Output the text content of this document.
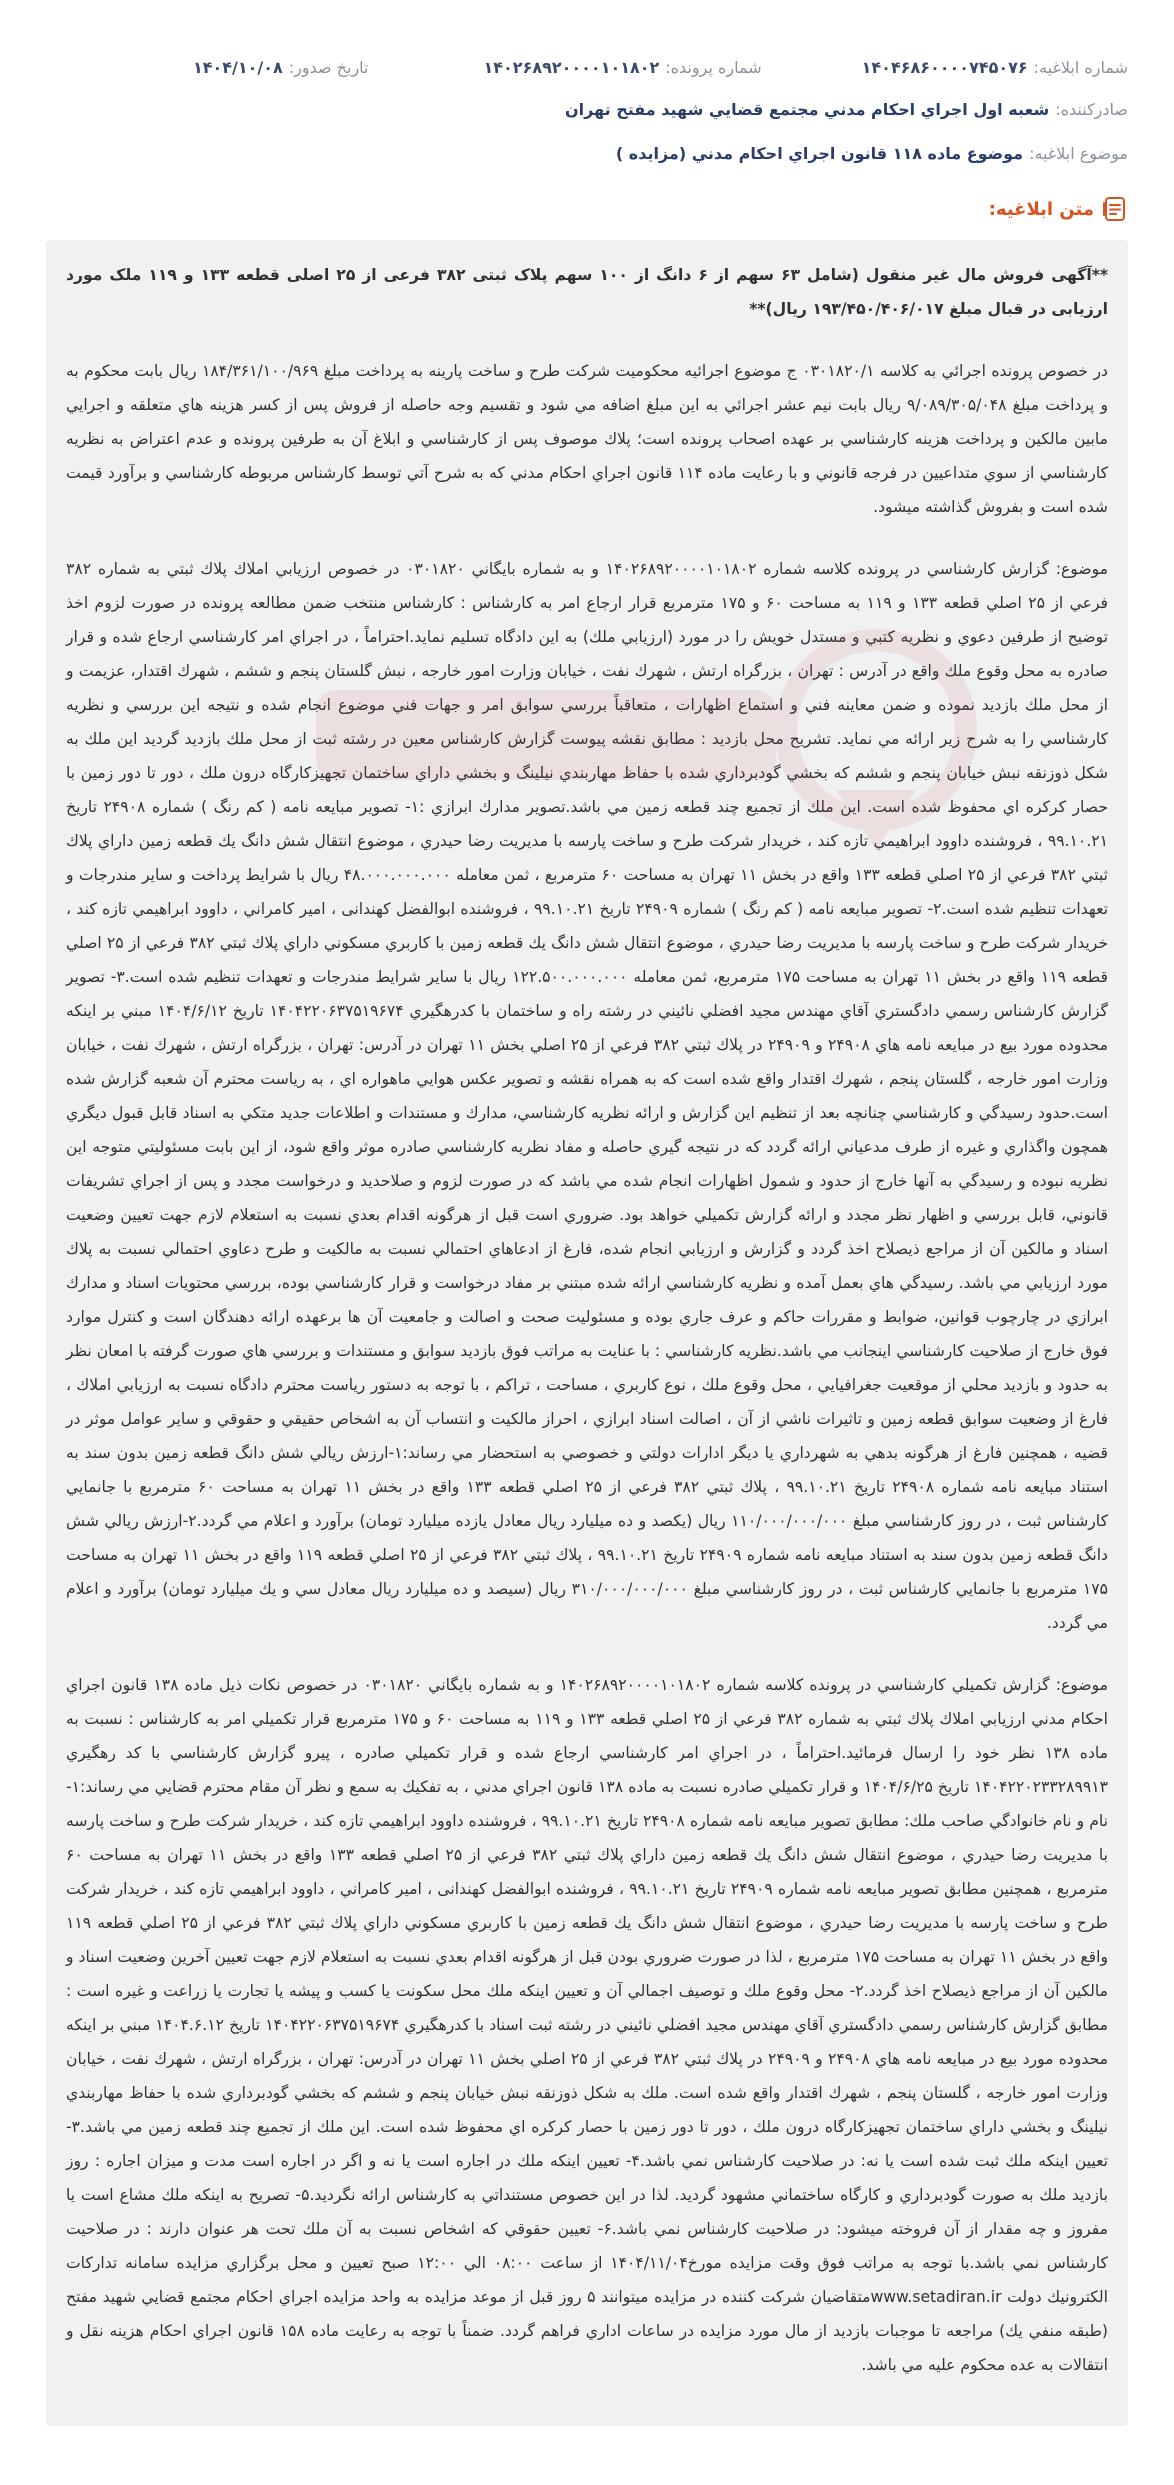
شماره ابلاغیه:
۱۴۰۴۶۸۶۰۰۰۰۷۴۵۰۷۶
شماره پرونده:
۱۴۰۲۶۸۹۲۰۰۰۰۱۰۱۸۰۲
تاریخ صدور:
۱۴۰۴/۱۰/۰۸
صادرکننده:
شعبه اول اجراي احكام مدني مجتمع قضايي شهيد مفتح تهران
موضوع ابلاغیه:
موضوع ماده ۱۱۸ قانون اجراي احكام مدني (مزايده )
متن ابلاغیه:

**آگهی فروش مال غیر منقول (شامل ۶۳ سهم از ۶ دانگ از ۱۰۰ سهم پلاک ثبتی ۳۸۲ فرعی از ۲۵ اصلی قطعه ۱۳۳ و ۱۱۹ ملک مورد ارزیابی در قبال مبلغ ۱۹۳/۴۵۰/۴۰۶/۰۱۷ ریال)**

در خصوص پرونده اجرائي به كلاسه ۰۳۰۱۸۲۰/۱ ج موضوع اجرائيه محكوميت شركت طرح و ساخت پارينه به پرداخت مبلغ ۱۸۴/۳۶۱/۱۰۰/۹۶۹ ريال بابت محكوم به و پرداخت مبلغ ۹/۰۸۹/۳۰۵/۰۴۸ ريال بابت نيم عشر اجرائي به اين مبلغ اضافه مي شود و تقسيم وجه حاصله از فروش پس از كسر هزينه هاي متعلقه و اجرايي مابين مالكين و پرداخت هزينه كارشناسي بر عهده اصحاب پرونده است؛ پلاك موصوف پس از كارشناسي و ابلاغ آن به طرفين پرونده و عدم اعتراض به نظريه كارشناسي از سوي متداعيين در فرجه قانوني و با رعايت ماده ۱۱۴ قانون اجراي احكام مدني كه به شرح آتي توسط كارشناس مربوطه كارشناسي و برآورد قيمت شده است و بفروش گذاشته ميشود.

موضوع: گزارش كارشناسي در پرونده كلاسه شماره ۱۴۰۲۶۸۹۲۰۰۰۰۱۰۱۸۰۲ و به شماره بايگاني ۰۳۰۱۸۲۰ در خصوص ارزيابي املاك پلاك ثبتي به شماره ۳۸۲ فرعي از ۲۵ اصلي قطعه ۱۳۳ و ۱۱۹ به مساحت ۶۰ و ۱۷۵ مترمربع قرار ارجاع امر به كارشناس : كارشناس منتخب ضمن مطالعه پرونده در صورت لزوم اخذ توضيح از طرفين دعوي و نظريه كتبي و مستدل خويش را در مورد (ارزيابي ملك) به اين دادگاه تسليم نمايد.احتراماً ، در اجراي امر كارشناسي ارجاع شده و قرار صادره به محل وقوع ملك واقع در آدرس : تهران ، بزرگراه ارتش ، شهرك نفت ، خيابان وزارت امور خارجه ، نبش گلستان پنجم و ششم ، شهرك اقتدار، عزيمت و از محل ملك بازديد نموده و ضمن معاينه فني و استماع اظهارات ، متعاقباً بررسي سوابق امر و جهات فني موضوع انجام شده و نتيجه اين بررسي و نظريه كارشناسي را به شرح زير ارائه مي نمايد. تشريح محل بازديد : مطابق نقشه پيوست گزارش كارشناس معين در رشته ثبت از محل ملك بازديد گرديد اين ملك به شكل ذوزنقه نبش خيابان پنجم و ششم كه بخشي گودبرداري شده با حفاظ مهاربندي نيلينگ و بخشي داراي ساختمان تجهيزكارگاه درون ملك ، دور تا دور زمين با حصار كركره اي محفوظ شده است. اين ملك از تجميع چند قطعه زمين مي باشد.تصوير مدارك ابرازي :۱- تصوير مبايعه نامه ( كم رنگ ) شماره ۲۴۹۰۸ تاريخ ۹۹.۱۰.۲۱ ، فروشنده داوود ابراهيمي تازه كند ، خريدار شركت طرح و ساخت پارسه با مديريت رضا حيدري ، موضوع انتقال شش دانگ يك قطعه زمين داراي پلاك ثبتي ۳۸۲ فرعي از ۲۵ اصلي قطعه ۱۳۳ واقع در بخش ۱۱ تهران به مساحت ۶۰ مترمربع ، ثمن معامله ۴۸.۰۰۰.۰۰۰.۰۰۰ ريال با شرايط پرداخت و ساير مندرجات و تعهدات تنظيم شده است.۲- تصوير مبايعه نامه ( كم رنگ ) شماره ۲۴۹۰۹ تاريخ ۹۹.۱۰.۲۱ ، فروشنده ابوالفضل كهندانی ، امير كامراني ، داوود ابراهيمي تازه كند ، خريدار شركت طرح و ساخت پارسه با مديريت رضا حيدري ، موضوع انتقال شش دانگ يك قطعه زمين با كاربري مسكوني داراي پلاك ثبتي ۳۸۲ فرعي از ۲۵ اصلي قطعه ۱۱۹ واقع در بخش ۱۱ تهران به مساحت ۱۷۵ مترمربع، ثمن معامله ۱۲۲.۵۰۰.۰۰۰.۰۰۰ ريال با ساير شرايط مندرجات و تعهدات تنظيم شده است.۳- تصوير گزارش كارشناس رسمي دادگستري آقاي مهندس مجيد افضلي نائيني در رشته راه و ساختمان با كدرهگيري ۱۴۰۴۲۲۰۶۳۷۵۱۹۶۷۴ تاريخ ۱۴۰۴/۶/۱۲ مبني بر اينكه محدوده مورد بيع در مبايعه نامه هاي ۲۴۹۰۸ و ۲۴۹۰۹ در پلاك ثبتي ۳۸۲ فرعي از ۲۵ اصلي بخش ۱۱ تهران در آدرس: تهران ، بزرگراه ارتش ، شهرك نفت ، خيابان وزارت امور خارجه ، گلستان پنجم ، شهرك اقتدار واقع شده است كه به همراه نقشه و تصوير عكس هوايي ماهواره اي ، به رياست محترم آن شعبه گزارش شده است.حدود رسيدگي و كارشناسي چنانچه بعد از تنظيم اين گزارش و ارائه نظريه كارشناسي، مدارك و مستندات و اطلاعات جديد متكي به اسناد قابل قبول ديگري همچون واگذاري و غيره از طرف مدعياني ارائه گردد كه در نتيجه گيري حاصله و مفاد نظريه كارشناسي صادره موثر واقع شود، از اين بابت مسئوليتي متوجه اين نظريه نبوده و رسيدگي به آنها خارج از حدود و شمول اظهارات انجام شده مي باشد كه در صورت لزوم و صلاحديد و درخواست مجدد و پس از اجراي تشريفات قانوني، قابل بررسي و اظهار نظر مجدد و ارائه گزارش تكميلي خواهد بود. ضروري است قبل از هرگونه اقدام بعدي نسبت به استعلام لازم جهت تعيين وضعيت اسناد و مالكين آن از مراجع ذيصلاح اخذ گردد و گزارش و ارزيابي انجام شده، فارغ از ادعاهاي احتمالي نسبت به مالكيت و طرح دعاوي احتمالي نسبت به پلاك مورد ارزيابي مي باشد. رسيدگي هاي بعمل آمده و نظريه كارشناسي ارائه شده مبتني بر مفاد درخواست و قرار كارشناسي بوده، بررسي محتويات اسناد و مدارك ابرازي در چارچوب قوانين، ضوابط و مقررات حاكم و عرف جاري بوده و مسئوليت صحت و اصالت و جامعيت آن ها برعهده ارائه دهندگان است و كنترل موارد فوق خارج از صلاحيت كارشناسي اينجانب مي باشد.نظريه كارشناسي : با عنايت به مراتب فوق بازديد سوابق و مستندات و بررسي هاي صورت گرفته با امعان نظر به حدود و بازديد محلي از موقعيت جغرافيايي ، محل وقوع ملك ، نوع كاربري ، مساحت ، تراكم ، با توجه به دستور رياست محترم دادگاه نسبت به ارزيابي املاك ، فارغ از وضعيت سوابق قطعه زمين و تاثيرات ناشي از آن ، اصالت اسناد ابرازي ، احراز مالكيت و انتساب آن به اشخاص حقيقي و حقوقي و ساير عوامل موثر در قضيه ، همچنين فارغ از هرگونه بدهي به شهرداري يا ديگر ادارات دولتي و خصوصي به استحضار مي رساند:۱-ارزش ريالي شش دانگ قطعه زمين بدون سند به استناد مبايعه نامه شماره ۲۴۹۰۸ تاريخ ۹۹.۱۰.۲۱ ، پلاك ثبتي ۳۸۲ فرعي از ۲۵ اصلي قطعه ۱۳۳ واقع در بخش ۱۱ تهران به مساحت ۶۰ مترمربع با جانمايي كارشناس ثبت ، در روز كارشناسي مبلغ ۱۱۰/۰۰۰/۰۰۰/۰۰۰ ريال (يكصد و ده ميليارد ريال معادل يازده ميليارد تومان) برآورد و اعلام مي گردد.۲-ارزش ريالي شش دانگ قطعه زمين بدون سند به استناد مبايعه نامه شماره ۲۴۹۰۹ تاريخ ۹۹.۱۰.۲۱ ، پلاك ثبتي ۳۸۲ فرعي از ۲۵ اصلي قطعه ۱۱۹ واقع در بخش ۱۱ تهران به مساحت ۱۷۵ مترمربع با جانمايي كارشناس ثبت ، در روز كارشناسي مبلغ ۳۱۰/۰۰۰/۰۰۰/۰۰۰ ريال (سيصد و ده ميليارد ريال معادل سي و يك ميليارد تومان) برآورد و اعلام مي گردد.

موضوع: گزارش تكميلي كارشناسي در پرونده كلاسه شماره ۱۴۰۲۶۸۹۲۰۰۰۰۱۰۱۸۰۲ و به شماره بايگاني ۰۳۰۱۸۲۰ در خصوص نكات ذيل ماده ۱۳۸ قانون اجراي احكام مدني ارزيابي املاك پلاك ثبتي به شماره ۳۸۲ فرعي از ۲۵ اصلي قطعه ۱۳۳ و ۱۱۹ به مساحت ۶۰ و ۱۷۵ مترمربع قرار تكميلي امر به كارشناس : نسبت به ماده ۱۳۸ نظر خود را ارسال فرمائيد.احتراماً ، در اجراي امر كارشناسي ارجاع شده و قرار تكميلي صادره ، پيرو گزارش كارشناسي با كد رهگيري ۱۴۰۴۲۲۰۲۳۳۲۸۹۹۱۳ تاريخ ۱۴۰۴/۶/۲۵ و قرار تكميلي صادره نسبت به ماده ۱۳۸ قانون اجراي مدني ، به تفكيك به سمع و نظر آن مقام محترم قضايي مي رساند:۱- نام و نام خانوادگي صاحب ملك: مطابق تصوير مبايعه نامه شماره ۲۴۹۰۸ تاريخ ۹۹.۱۰.۲۱ ، فروشنده داوود ابراهيمي تازه كند ، خريدار شركت طرح و ساخت پارسه با مديريت رضا حيدري ، موضوع انتقال شش دانگ يك قطعه زمين داراي پلاك ثبتي ۳۸۲ فرعي از ۲۵ اصلي قطعه ۱۳۳ واقع در بخش ۱۱ تهران به مساحت ۶۰ مترمربع ، همچنين مطابق تصوير مبايعه نامه شماره ۲۴۹۰۹ تاريخ ۹۹.۱۰.۲۱ ، فروشنده ابوالفضل كهندانی ، امير كامراني ، داوود ابراهيمي تازه كند ، خريدار شركت طرح و ساخت پارسه با مديريت رضا حيدري ، موضوع انتقال شش دانگ يك قطعه زمين با كاربري مسكوني داراي پلاك ثبتي ۳۸۲ فرعي از ۲۵ اصلي قطعه ۱۱۹ واقع در بخش ۱۱ تهران به مساحت ۱۷۵ مترمربع ، لذا در صورت ضروري بودن قبل از هرگونه اقدام بعدي نسبت به استعلام لازم جهت تعيين آخرين وضعيت اسناد و مالكين آن از مراجع ذيصلاح اخذ گردد.۲- محل وقوع ملك و توصيف اجمالي آن و تعيين اينكه ملك محل سكونت يا كسب و پيشه يا تجارت يا زراعت و غيره است : مطابق گزارش كارشناس رسمي دادگستري آقاي مهندس مجيد افضلي نائيني در رشته ثبت اسناد با كدرهگيري ۱۴۰۴۲۲۰۶۳۷۵۱۹۶۷۴ تاريخ ۱۴۰۴.۶.۱۲ مبني بر اينكه محدوده مورد بيع در مبايعه نامه هاي ۲۴۹۰۸ و ۲۴۹۰۹ در پلاك ثبتي ۳۸۲ فرعي از ۲۵ اصلي بخش ۱۱ تهران در آدرس: تهران ، بزرگراه ارتش ، شهرك نفت ، خيابان وزارت امور خارجه ، گلستان پنجم ، شهرك اقتدار واقع شده است. ملك به شكل ذوزنقه نبش خيابان پنجم و ششم كه بخشي گودبرداري شده با حفاظ مهاربندي نيلينگ و بخشي داراي ساختمان تجهيزكارگاه درون ملك ، دور تا دور زمين با حصار كركره اي محفوظ شده است. اين ملك از تجميع چند قطعه زمين مي باشد.۳- تعيين اينكه ملك ثبت شده است يا نه: در صلاحيت كارشناس نمي باشد.۴- تعيين اينكه ملك در اجاره است يا نه و اگر در اجاره است مدت و ميزان اجاره : روز بازديد ملك به صورت گودبرداري و كارگاه ساختماني مشهود گرديد. لذا در اين خصوص مستنداتي به كارشناس ارائه نگرديد.۵- تصريح به اينكه ملك مشاع است يا مفروز و چه مقدار از آن فروخته ميشود: در صلاحيت كارشناس نمي باشد.۶- تعيين حقوقي كه اشخاص نسبت به آن ملك تحت هر عنوان دارند : در صلاحيت كارشناس نمي باشد.با توجه به مراتب فوق وقت مزايده مورخ۱۴۰۴/۱۱/۰۴ از ساعت ۰۸:۰۰ الي ۱۲:۰۰ صبح تعيين و محل برگزاري مزايده سامانه تداركات الكترونيك دولت www.setadiran.irمتقاضيان شركت كننده در مزايده ميتوانند ۵ روز قبل از موعد مزايده به واحد مزايده اجراي احكام مجتمع قضايي شهيد مفتح (طبقه منفي يك) مراجعه تا موجبات بازديد از مال مورد مزايده در ساعات اداري فراهم گردد. ضمناً با توجه به رعايت ماده ۱۵۸ قانون اجراي احكام هزينه نقل و انتقالات به عده محكوم عليه مي باشد.
